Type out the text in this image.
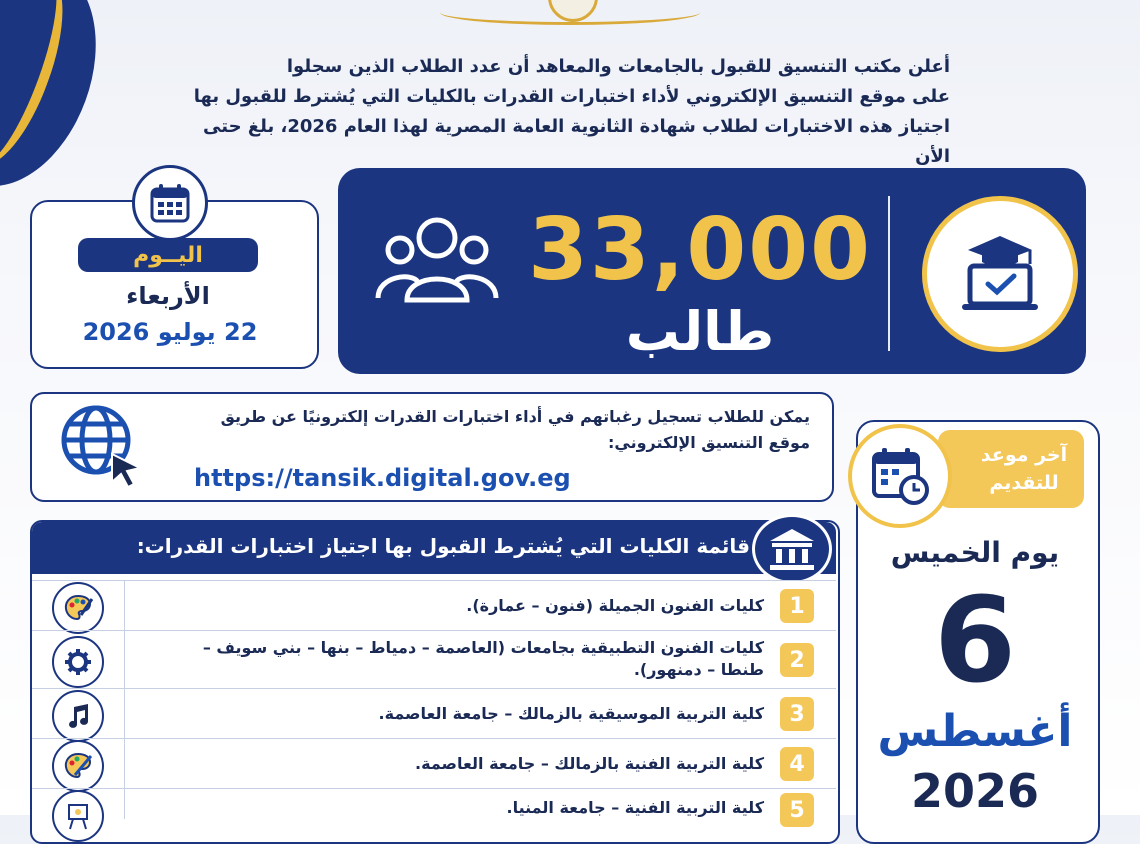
أعلن مكتب التنسيق للقبول بالجامعات والمعاهد أن عدد الطلاب الذين سجلوا
على موقع التنسيق الإلكتروني لأداء اختبارات القدرات بالكليات التي يُشترط للقبول بها
اجتياز هذه الاختبارات لطلاب شهادة الثانوية العامة المصرية لهذا العام 2026، بلغ حتى الأن
اليــوم
الأربعاء
22 يوليو 2026
33,000
طالب
يمكن للطلاب تسجيل رغباتهم في أداء اختبارات القدرات إلكترونيًا عن طريق
موقع التنسيق الإلكتروني:
https://tansik.digital.gov.eg
آخر موعد
للتقديم
يوم الخميس
6
أغسطس
2026
قائمة الكليات التي يُشترط القبول بها اجتياز اختبارات القدرات:
1
كليات الفنون الجميلة (فنون – عمارة).
2
كليات الفنون التطبيقية بجامعات (العاصمة – دمياط – بنها – بني سويف – طنطا – دمنهور).
3
كلية التربية الموسيقية بالزمالك – جامعة العاصمة.
4
كلية التربية الفنية بالزمالك – جامعة العاصمة.
5
كلية التربية الفنية – جامعة المنيا.
